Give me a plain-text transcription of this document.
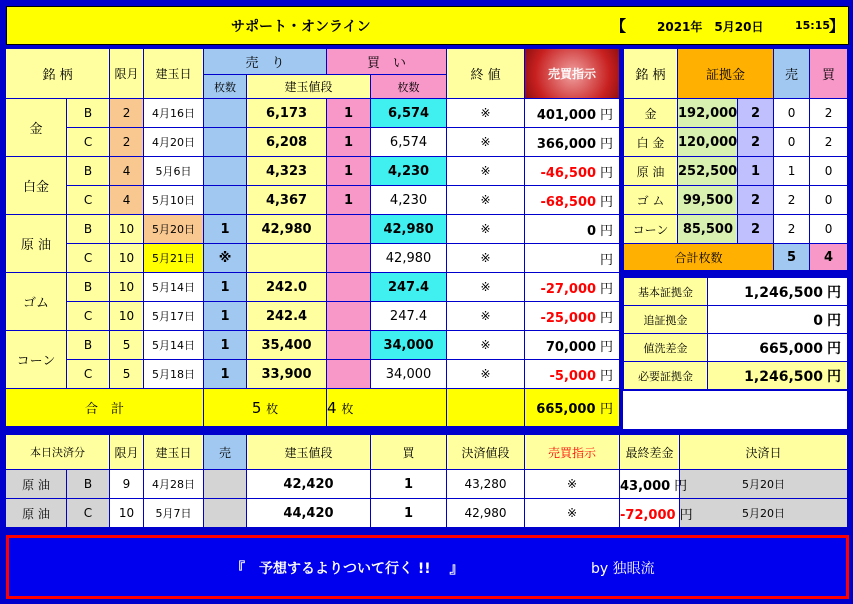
サポート・オンライン	【	2021年　5月20日	15:15
】
銘 柄		限月	建玉日	売　り		買　い		終 値	売買指示	
				枚数	建玉値段		枚数			
金	B	2	4月16日		6,173	1	6,574	※	401,000 円	
	C	2	4月20日		6,208	1	6,574	※	366,000 円	
白金	B	4	5月6日		4,323	1	4,230	※	-46,500 円	
	C	4	5月10日		4,367	1	4,230	※	-68,500 円	
原 油	B	10	5月20日	1	42,980		42,980	※	0 円	
	C	10	5月21日	※			42,980	※	円	
ゴム	B	10	5月14日	1	242.0		247.4	※	-27,000 円	
	C	10	5月17日	1	242.4		247.4	※	-25,000 円	
コーン	B	5	5月14日	1	35,400		34,000	※	70,000 円	
	C	5	5月18日	1	33,900		34,000	※	-5,000 円	
合　計				5 枚		4 枚			665,000 円	
銘 柄	証拠金		売	買
金	192,000	2	0	2
白 金	120,000	2	0	2
原 油	252,500	1	1	0
ゴ ム	99,500	2	2	0
コーン	85,500	2	2	0
合計枚数			5	4
基本証拠金	1,246,500 円
追証拠金	0 円
値洗差金	665,000 円
必要証拠金	1,246,500 円
本日決済分		限月	建玉日	売	建玉値段	買	決済値段	売買指示	最終差金	決済日	
原 油	B	9	4月28日		42,420	1	43,280	※	43,000 円	5月20日	
原 油	C	10	5月7日		44,420	1	42,980	※	-72,000 円	5月20日	
『　予想するよりついて行く !!　 』	by 独眼流
